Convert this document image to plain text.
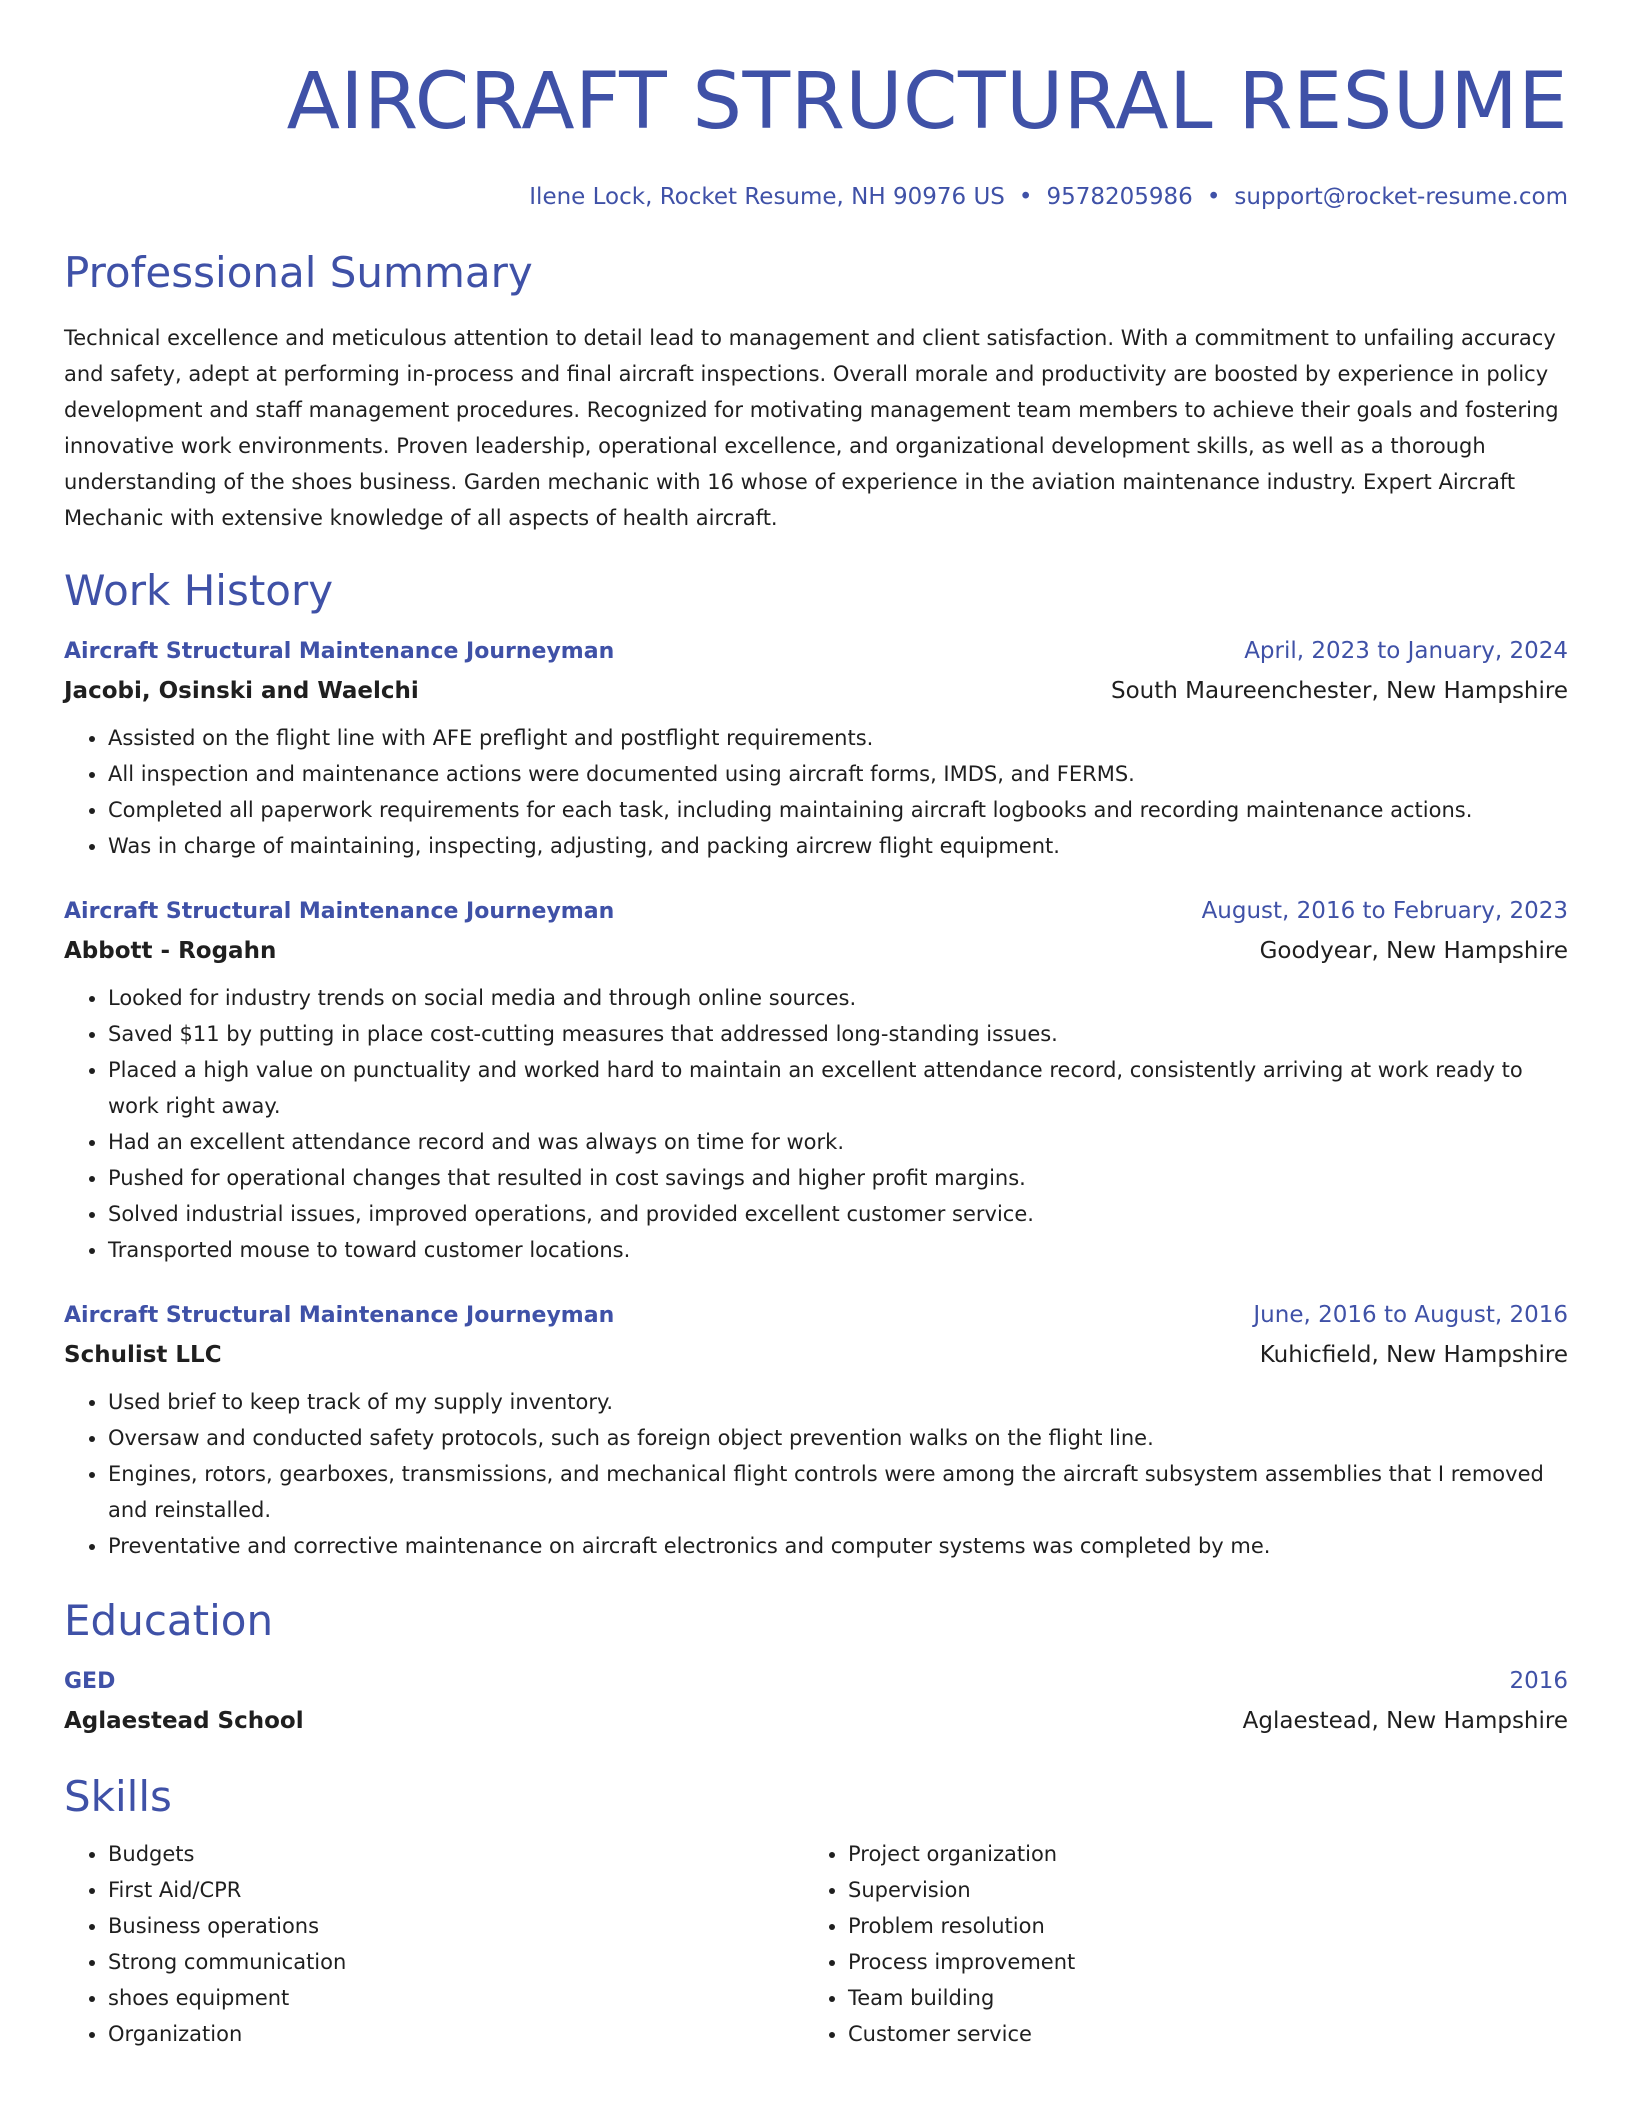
AIRCRAFT STRUCTURAL RESUME
Ilene Lock, Rocket Resume, NH 90976 US • 9578205986 • support@rocket-resume.com
Professional Summary

Technical excellence and meticulous attention to detail lead to management and client satisfaction. With a commitment to unfailing accuracy and safety, adept at performing in-process and final aircraft inspections. Overall morale and productivity are boosted by experience in policy development and staff management procedures. Recognized for motivating management team members to achieve their goals and fostering innovative work environments. Proven leadership, operational excellence, and organizational development skills, as well as a thorough understanding of the shoes business. Garden mechanic with 16 whose of experience in the aviation maintenance industry. Expert Aircraft Mechanic with extensive knowledge of all aspects of health aircraft.

Work History
Aircraft Structural Maintenance Journeyman	April, 2023 to January, 2024
Jacobi, Osinski and Waelchi	South Maureenchester, New Hampshire
• Assisted on the flight line with AFE preflight and postflight requirements.
• All inspection and maintenance actions were documented using aircraft forms, IMDS, and FERMS.
• Completed all paperwork requirements for each task, including maintaining aircraft logbooks and recording maintenance actions.
• Was in charge of maintaining, inspecting, adjusting, and packing aircrew flight equipment.
Aircraft Structural Maintenance Journeyman	August, 2016 to February, 2023
Abbott - Rogahn	Goodyear, New Hampshire
• Looked for industry trends on social media and through online sources.
• Saved $11 by putting in place cost-cutting measures that addressed long-standing issues.
• Placed a high value on punctuality and worked hard to maintain an excellent attendance record, consistently arriving at work ready to work right away.
• Had an excellent attendance record and was always on time for work.
• Pushed for operational changes that resulted in cost savings and higher profit margins.
• Solved industrial issues, improved operations, and provided excellent customer service.
• Transported mouse to toward customer locations.
Aircraft Structural Maintenance Journeyman	June, 2016 to August, 2016
Schulist LLC	Kuhicfield, New Hampshire
• Used brief to keep track of my supply inventory.
• Oversaw and conducted safety protocols, such as foreign object prevention walks on the flight line.
• Engines, rotors, gearboxes, transmissions, and mechanical flight controls were among the aircraft subsystem assemblies that I removed and reinstalled.
• Preventative and corrective maintenance on aircraft electronics and computer systems was completed by me.
Education
GED	2016
Aglaestead School	Aglaestead, New Hampshire
Skills
• Budgets
• First Aid/CPR
• Business operations
• Strong communication
• shoes equipment
• Organization
• Project organization
• Supervision
• Problem resolution
• Process improvement
• Team building
• Customer service
